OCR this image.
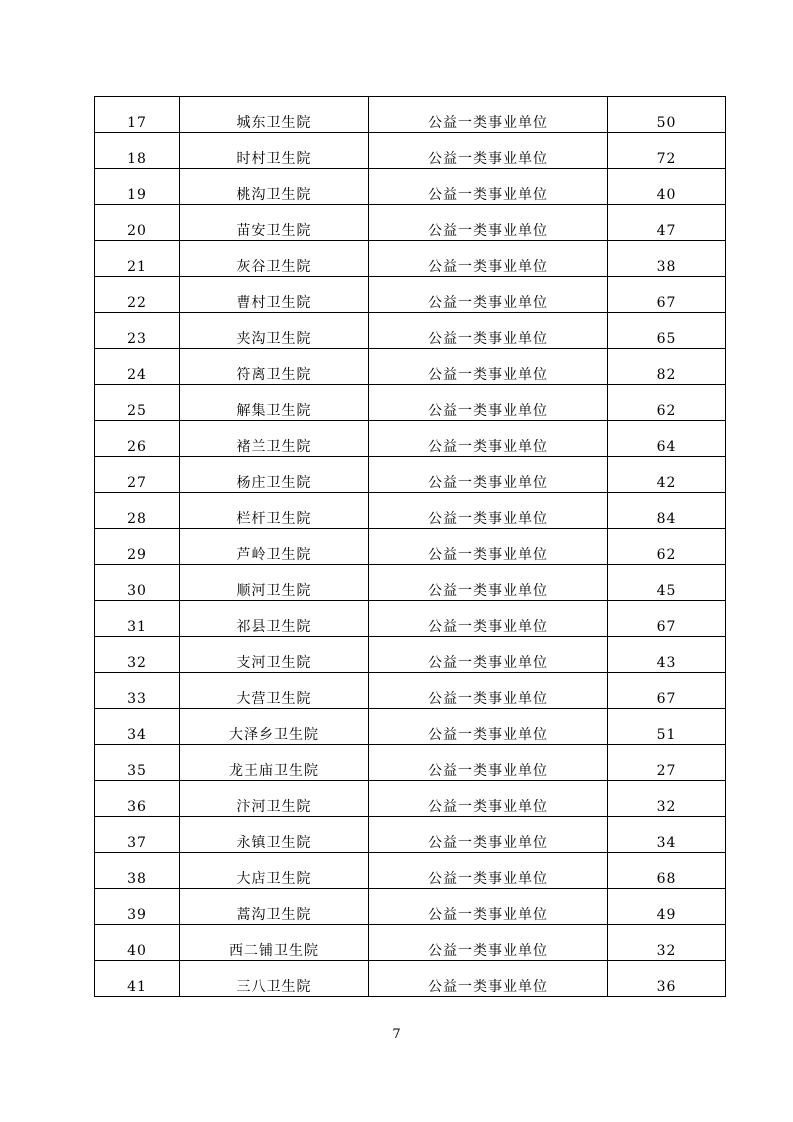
17	城东卫生院	公益一类事业单位	50
18	时村卫生院	公益一类事业单位	72
19	桃沟卫生院	公益一类事业单位	40
20	苗安卫生院	公益一类事业单位	47
21	灰谷卫生院	公益一类事业单位	38
22	曹村卫生院	公益一类事业单位	67
23	夹沟卫生院	公益一类事业单位	65
24	符离卫生院	公益一类事业单位	82
25	解集卫生院	公益一类事业单位	62
26	褚兰卫生院	公益一类事业单位	64
27	杨庄卫生院	公益一类事业单位	42
28	栏杆卫生院	公益一类事业单位	84
29	芦岭卫生院	公益一类事业单位	62
30	顺河卫生院	公益一类事业单位	45
31	祁县卫生院	公益一类事业单位	67
32	支河卫生院	公益一类事业单位	43
33	大营卫生院	公益一类事业单位	67
34	大泽乡卫生院	公益一类事业单位	51
35	龙王庙卫生院	公益一类事业单位	27
36	汴河卫生院	公益一类事业单位	32
37	永镇卫生院	公益一类事业单位	34
38	大店卫生院	公益一类事业单位	68
39	蒿沟卫生院	公益一类事业单位	49
40	西二铺卫生院	公益一类事业单位	32
41	三八卫生院	公益一类事业单位	36
7
